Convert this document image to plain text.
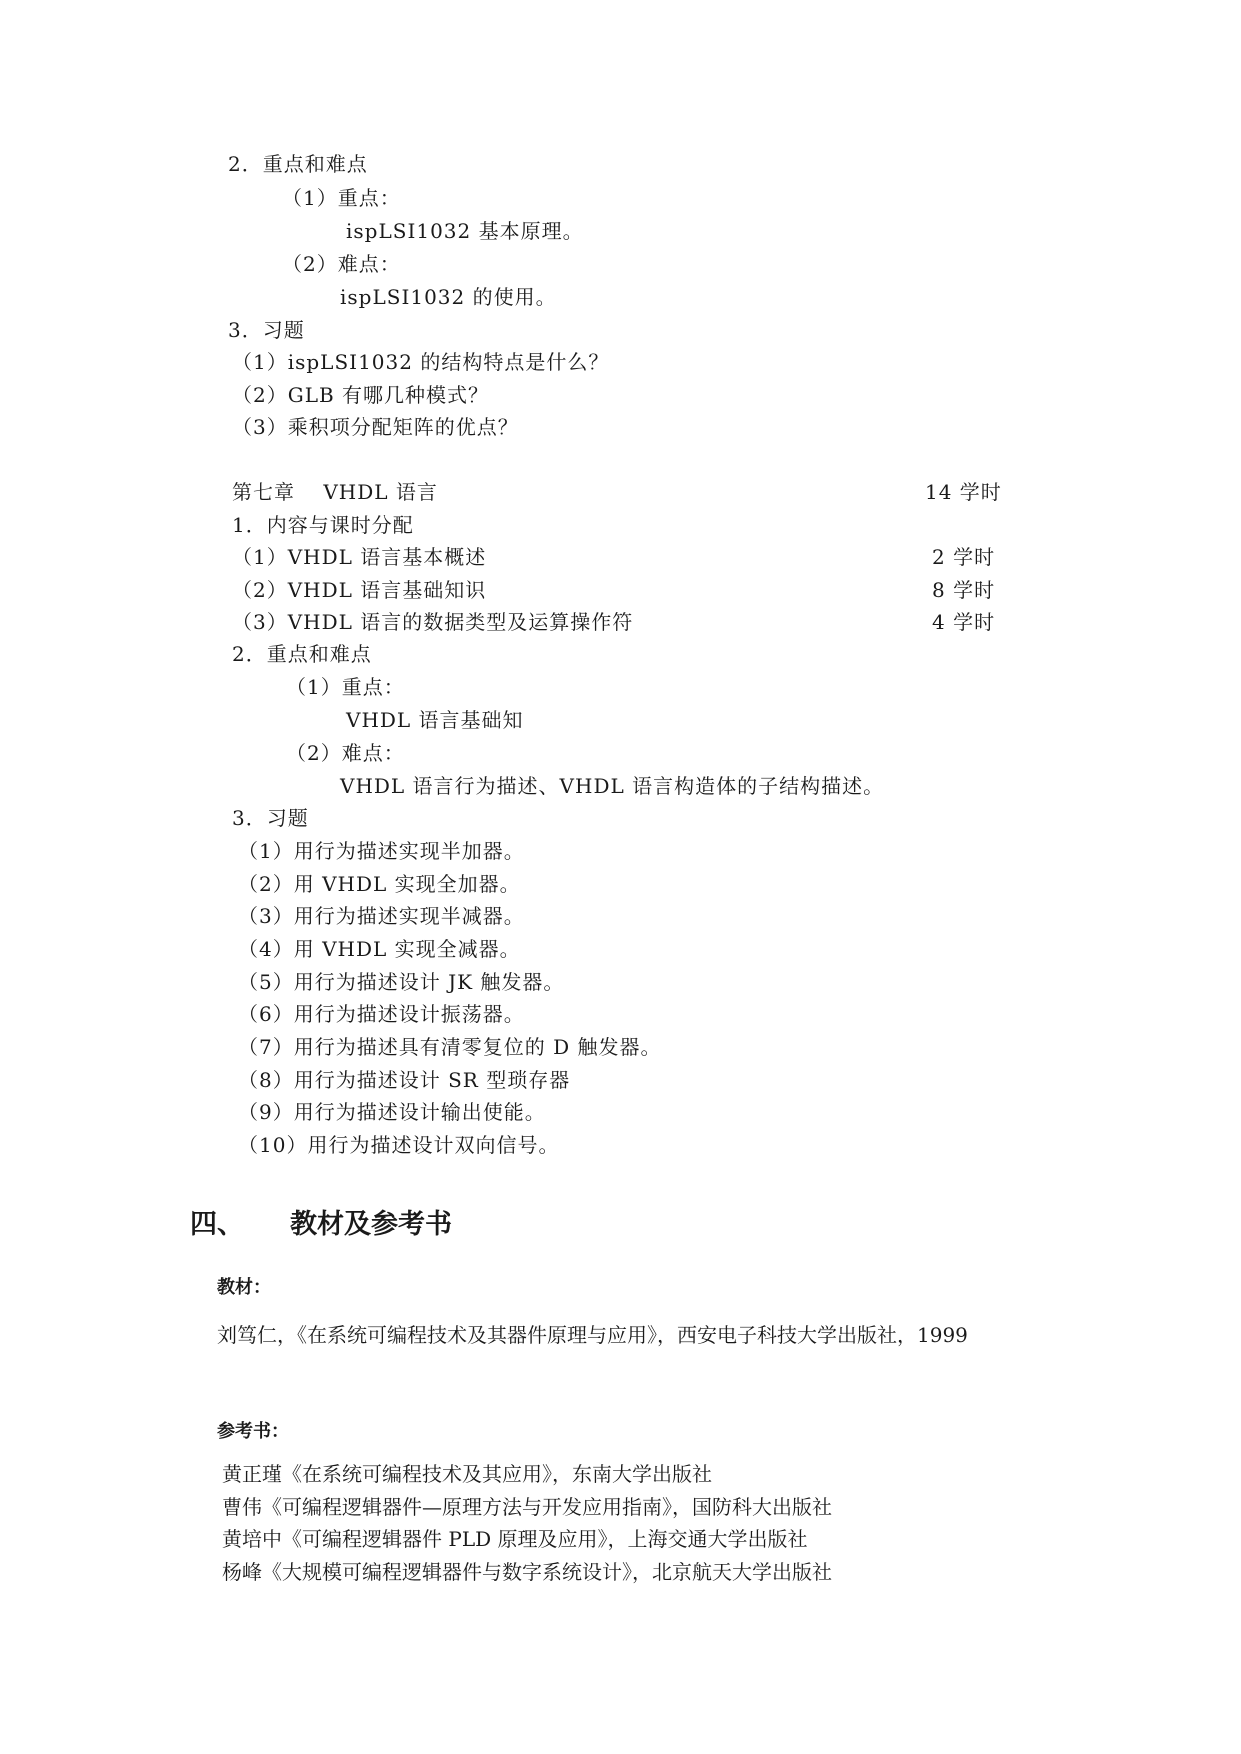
2．重点和难点
（1）重点：
ispLSI1032 基本原理。
（2）难点：
ispLSI1032 的使用。
3．习题
（1）ispLSI1032 的结构特点是什么？
（2）GLB 有哪几种模式？
（3）乘积项分配矩阵的优点？
第七章　 VHDL 语言	14 学时
1．内容与课时分配
（1）VHDL 语言基本概述	2 学时
（2）VHDL 语言基础知识	8 学时
（3）VHDL 语言的数据类型及运算操作符	4 学时
2．重点和难点
（1）重点：
VHDL 语言基础知
（2）难点：
VHDL 语言行为描述、VHDL 语言构造体的子结构描述。
3．习题
（1）用行为描述实现半加器。
（2）用 VHDL 实现全加器。
（3）用行为描述实现半减器。
（4）用 VHDL 实现全减器。
（5）用行为描述设计 JK 触发器。
（6）用行为描述设计振荡器。
（7）用行为描述具有清零复位的 D 触发器。
（8）用行为描述设计 SR 型琐存器
（9）用行为描述设计输出使能。
（10）用行为描述设计双向信号。
四、 教材及参考书
教材：
刘笃仁，《在系统可编程技术及其器件原理与应用》，西安电子科技大学出版社，1999
参考书：
黄正瑾《在系统可编程技术及其应用》，东南大学出版社
曹伟《可编程逻辑器件—原理方法与开发应用指南》，国防科大出版社
黄培中《可编程逻辑器件 PLD 原理及应用》，上海交通大学出版社
杨峰《大规模可编程逻辑器件与数字系统设计》，北京航天大学出版社
